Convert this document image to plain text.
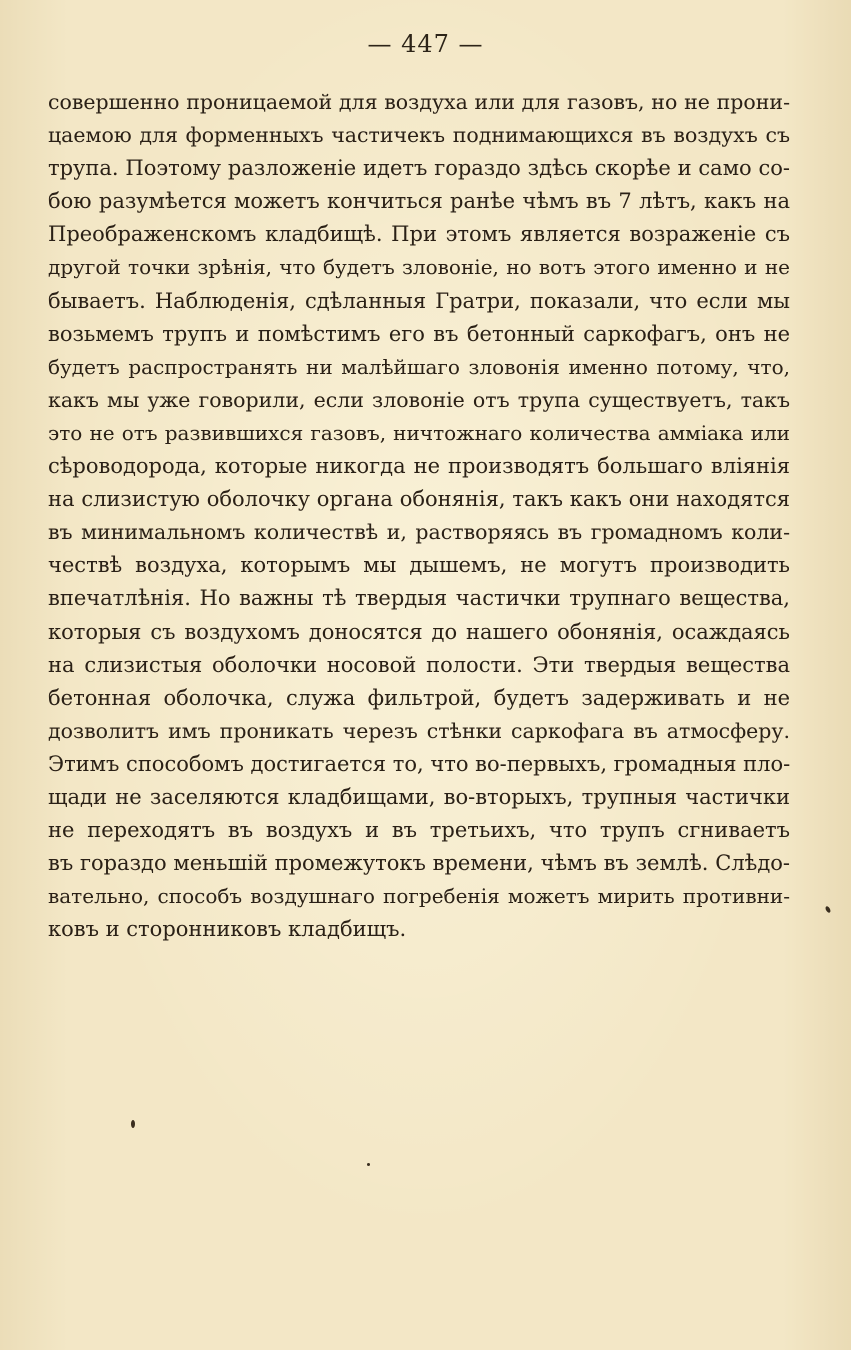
— 447 —
совершенно проницаемой для воздуха или для газовъ, но не прони-
цаемою для форменныхъ частичекъ поднимающихся въ воздухъ съ
трупа. Поэтому разложенiе идетъ гораздо здѣсь скорѣе и само со-
бою разумѣется можетъ кончиться ранѣе чѣмъ въ 7 лѣтъ, какъ на
Преображенскомъ кладбищѣ. При этомъ является возраженiе съ
другой точки зрѣнiя, что будетъ зловонiе, но вотъ этого именно и не
бываетъ. Наблюденiя, сдѣланныя Гратри, показали, что если мы
возьмемъ трупъ и помѣстимъ его въ бетонный саркофагъ, онъ не
будетъ распространять ни малѣйшаго зловонiя именно потому, что,
какъ мы уже говорили, если зловонiе отъ трупа существуетъ, такъ
это не отъ развившихся газовъ, ничтожнаго количества аммiака или
сѣроводорода, которые никогда не производятъ большаго влiянiя
на слизистую оболочку органа обонянiя, такъ какъ они находятся
въ минимальномъ количествѣ и, растворяясь въ громадномъ коли-
чествѣ воздуха, которымъ мы дышемъ, не могутъ производить
впечатлѣнiя. Но важны тѣ твердыя частички трупнаго вещества,
которыя съ воздухомъ доносятся до нашего обонянiя, осаждаясь
на слизистыя оболочки носовой полости. Эти твердыя вещества
бетонная оболочка, служа фильтрой, будетъ задерживать и не
дозволитъ имъ проникать черезъ стѣнки саркофага въ атмосферу.
Этимъ способомъ достигается то, что во-первыхъ, громадныя пло-
щади не заселяются кладбищами, во-вторыхъ, трупныя частички
не переходятъ въ воздухъ и въ третьихъ, что трупъ сгниваетъ
въ гораздо меньшiй промежутокъ времени, чѣмъ въ землѣ. Слѣдо-
вательно, способъ воздушнаго погребенiя можетъ мирить противни-
ковъ и сторонниковъ кладбищъ.
